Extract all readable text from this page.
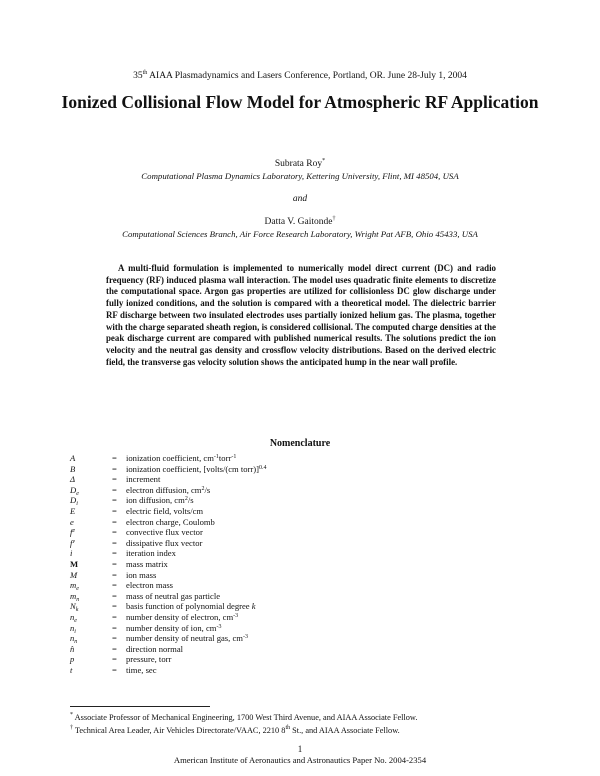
35th AIAA Plasmadynamics and Lasers Conference, Portland, OR. June 28-July 1, 2004
Ionized Collisional Flow Model for Atmospheric RF Application
Subrata Roy*
Computational Plasma Dynamics Laboratory, Kettering University, Flint, MI 48504, USA
and
Datta V. Gaitonde†
Computational Sciences Branch, Air Force Research Laboratory, Wright Pat AFB, Ohio 45433, USA
A multi-fluid formulation is implemented to numerically model direct current (DC) and radio frequency (RF) induced plasma wall interaction. The model uses quadratic finite elements to discretize the computational space. Argon gas properties are utilized for collisionless DC glow discharge under fully ionized conditions, and the solution is compared with a theoretical model. The dielectric barrier RF discharge between two insulated electrodes uses partially ionized helium gas. The plasma, together with the charge separated sheath region, is considered collisional. The computed charge densities at the peak discharge current are compared with published numerical results. The solutions predict the ion velocity and the neutral gas density and crossflow velocity distributions. Based on the derived electric field, the transverse gas velocity solution shows the anticipated hump in the near wall profile.
Nomenclature
A	= ionization coefficient, $cm^{-1}torr^{-1}$
B	= ionization coefficient, [volts/(cm torr)]$^{0.4}$
Δ	= increment
$D_e$	= electron diffusion, $cm^2/s$
$D_i$	= ion diffusion, $cm^2/s$
E	= electric field, volts/cm
e	= electron charge, Coulomb
$f^e$	= convective flux vector
$f^v$	= dissipative flux vector
i	= iteration index
M	= mass matrix
M	= ion mass
$m_e$	= electron mass
$m_n$	= mass of neutral gas particle
$N_k$	= basis function of polynomial degree k
$n_e$	= number density of electron, $cm^{-3}$
$n_i$	= number density of ion, $cm^{-3}$
$n_n$	= number density of neutral gas, $cm^{-3}$
n̂	= direction normal
p	= pressure, torr
t	= time, sec
* Associate Professor of Mechanical Engineering, 1700 West Third Avenue, and AIAA Associate Fellow.
† Technical Area Leader, Air Vehicles Directorate/VAAC, 2210 8th St., and AIAA Associate Fellow.
1
American Institute of Aeronautics and Astronautics Paper No. 2004-2354
